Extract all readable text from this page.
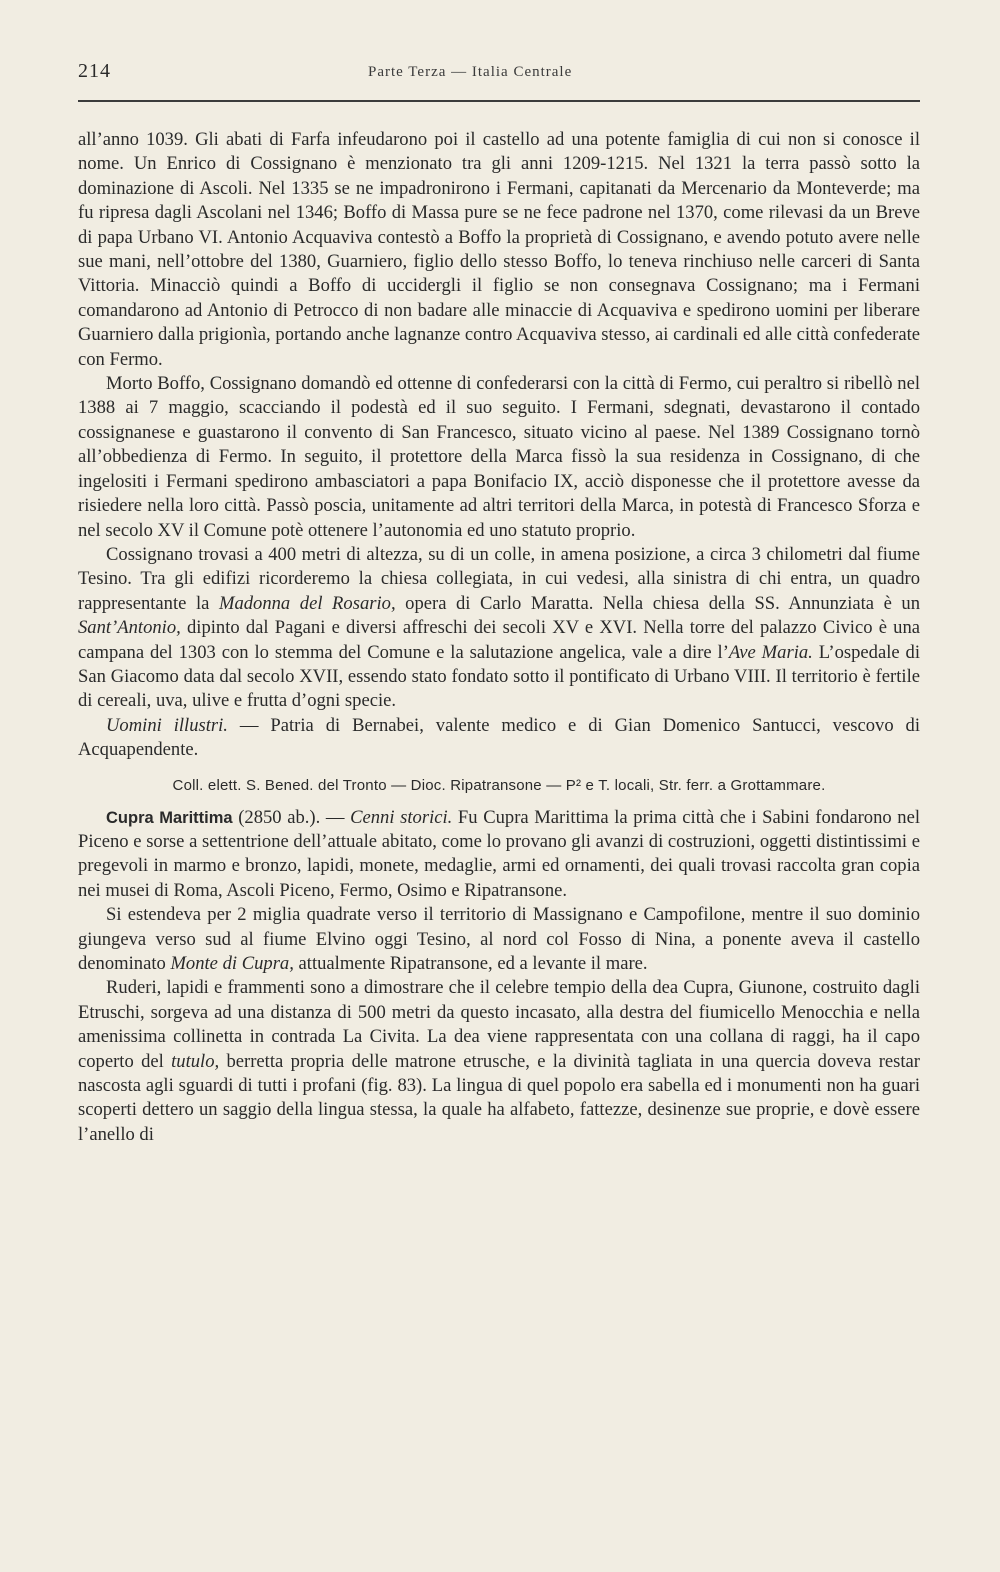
214	Parte Terza — Italia Centrale

all’anno 1039. Gli abati di Farfa infeudarono poi il castello ad una potente famiglia di cui non si conosce il nome. Un Enrico di Cossignano è menzionato tra gli anni 1209-1215. Nel 1321 la terra passò sotto la dominazione di Ascoli. Nel 1335 se ne impadronirono i Fermani, capitanati da Mercenario da Monteverde; ma fu ripresa dagli Ascolani nel 1346; Boffo di Massa pure se ne fece padrone nel 1370, come rilevasi da un Breve di papa Urbano VI. Antonio Acquaviva contestò a Boffo la proprietà di Cossignano, e avendo potuto avere nelle sue mani, nell’ottobre del 1380, Guarniero, figlio dello stesso Boffo, lo teneva rinchiuso nelle carceri di Santa Vittoria. Minacciò quindi a Boffo di uccidergli il figlio se non consegnava Cossignano; ma i Fermani comandarono ad Antonio di Petrocco di non badare alle minaccie di Acquaviva e spedirono uomini per liberare Guarniero dalla prigionìa, portando anche lagnanze contro Acquaviva stesso, ai cardinali ed alle città confederate con Fermo.

Morto Boffo, Cossignano domandò ed ottenne di confederarsi con la città di Fermo, cui peraltro si ribellò nel 1388 ai 7 maggio, scacciando il podestà ed il suo seguito. I Fermani, sdegnati, devastarono il contado cossignanese e guastarono il convento di San Francesco, situato vicino al paese. Nel 1389 Cossignano tornò all’obbedienza di Fermo. In seguito, il protettore della Marca fissò la sua residenza in Cossignano, di che ingelositi i Fermani spedirono ambasciatori a papa Bonifacio IX, acciò disponesse che il protettore avesse da risiedere nella loro città. Passò poscia, unitamente ad altri territori della Marca, in potestà di Francesco Sforza e nel secolo XV il Comune potè ottenere l’autonomia ed uno statuto proprio.

Cossignano trovasi a 400 metri di altezza, su di un colle, in amena posizione, a circa 3 chilometri dal fiume Tesino. Tra gli edifizi ricorderemo la chiesa collegiata, in cui vedesi, alla sinistra di chi entra, un quadro rappresentante la Madonna del Rosario, opera di Carlo Maratta. Nella chiesa della SS. Annunziata è un Sant’Antonio, dipinto dal Pagani e diversi affreschi dei secoli XV e XVI. Nella torre del palazzo Civico è una campana del 1303 con lo stemma del Comune e la salutazione angelica, vale a dire l’Ave Maria. L’ospedale di San Giacomo data dal secolo XVII, essendo stato fondato sotto il pontificato di Urbano VIII. Il territorio è fertile di cereali, uva, ulive e frutta d’ogni specie.

Uomini illustri. — Patria di Bernabei, valente medico e di Gian Domenico Santucci, vescovo di Acquapendente.

Coll. elett. S. Bened. del Tronto — Dioc. Ripatransone — P² e T. locali, Str. ferr. a Grottammare.

Cupra Marittima (2850 ab.). — Cenni storici. Fu Cupra Marittima la prima città che i Sabini fondarono nel Piceno e sorse a settentrione dell’attuale abitato, come lo provano gli avanzi di costruzioni, oggetti distintissimi e pregevoli in marmo e bronzo, lapidi, monete, medaglie, armi ed ornamenti, dei quali trovasi raccolta gran copia nei musei di Roma, Ascoli Piceno, Fermo, Osimo e Ripatransone.

Si estendeva per 2 miglia quadrate verso il territorio di Massignano e Campofilone, mentre il suo dominio giungeva verso sud al fiume Elvino oggi Tesino, al nord col Fosso di Nina, a ponente aveva il castello denominato Monte di Cupra, attualmente Ripatransone, ed a levante il mare.

Ruderi, lapidi e frammenti sono a dimostrare che il celebre tempio della dea Cupra, Giunone, costruito dagli Etruschi, sorgeva ad una distanza di 500 metri da questo incasato, alla destra del fiumicello Menocchia e nella amenissima collinetta in contrada La Civita. La dea viene rappresentata con una collana di raggi, ha il capo coperto del tutulo, berretta propria delle matrone etrusche, e la divinità tagliata in una quercia doveva restar nascosta agli sguardi di tutti i profani (fig. 83). La lingua di quel popolo era sabella ed i monumenti non ha guari scoperti dettero un saggio della lingua stessa, la quale ha alfabeto, fattezze, desinenze sue proprie, e dovè essere l’anello di
